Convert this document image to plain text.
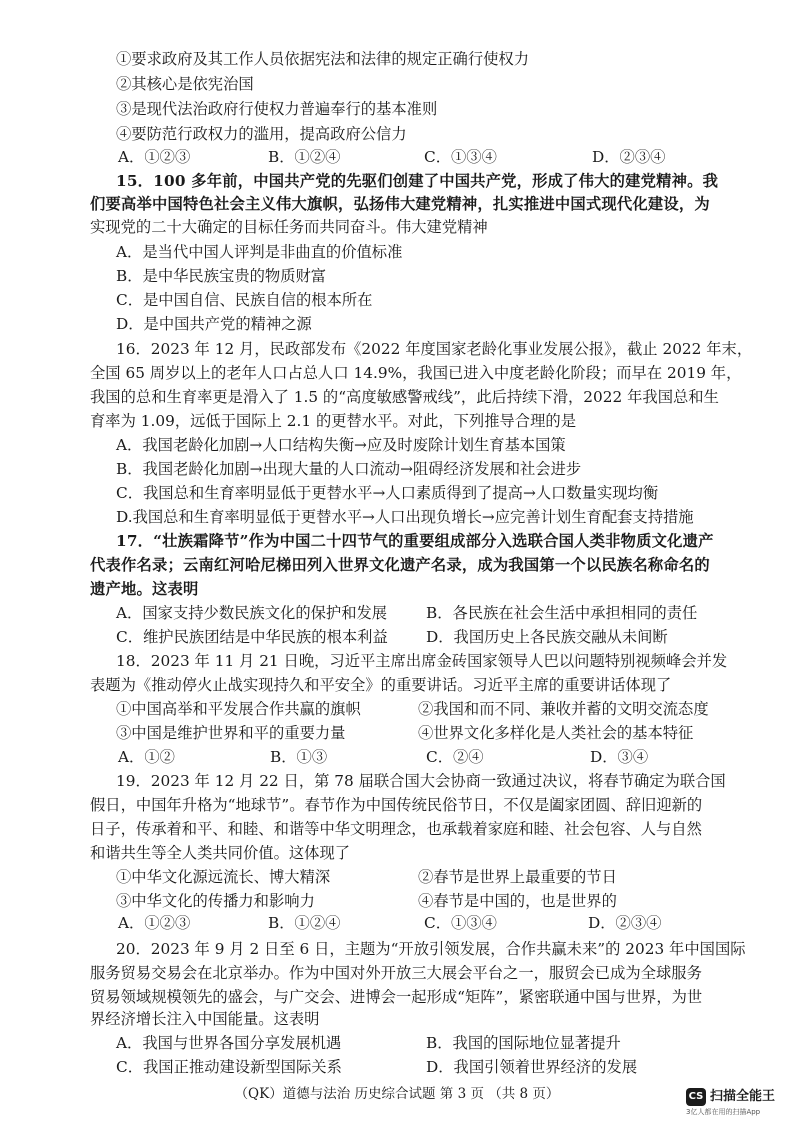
①要求政府及其工作人员依据宪法和法律的规定正确行使权力
②其核心是依宪治国
③是现代法治政府行使权力普遍奉行的基本准则
④要防范行政权力的滥用，提高政府公信力
A．①②③	B．①②④	C．①③④	D．②③④
15．100 多年前，中国共产党的先驱们创建了中国共产党，形成了伟大的建党精神。我
们要高举中国特色社会主义伟大旗帜，弘扬伟大建党精神，扎实推进中国式现代化建设，为
实现党的二十大确定的目标任务而共同奋斗。伟大建党精神
A．是当代中国人评判是非曲直的价值标准
B．是中华民族宝贵的物质财富
C．是中国自信、民族自信的根本所在
D．是中国共产党的精神之源
16．2023 年 12 月，民政部发布《2022 年度国家老龄化事业发展公报》，截止 2022 年末，
全国 65 周岁以上的老年人口占总人口 14.9%，我国已进入中度老龄化阶段；而早在 2019 年，
我国的总和生育率更是滑入了 1.5 的“高度敏感警戒线”，此后持续下滑，2022 年我国总和生
育率为 1.09，远低于国际上 2.1 的更替水平。对此，下列推导合理的是
A．我国老龄化加剧→人口结构失衡→应及时废除计划生育基本国策
B．我国老龄化加剧→出现大量的人口流动→阻碍经济发展和社会进步
C．我国总和生育率明显低于更替水平→人口素质得到了提高→人口数量实现均衡
D.我国总和生育率明显低于更替水平→人口出现负增长→应完善计划生育配套支持措施
17．“壮族霜降节”作为中国二十四节气的重要组成部分入选联合国人类非物质文化遗产
代表作名录；云南红河哈尼梯田列入世界文化遗产名录，成为我国第一个以民族名称命名的
遗产地。这表明
A．国家支持少数民族文化的保护和发展	B．各民族在社会生活中承担相同的责任
C．维护民族团结是中华民族的根本利益 D．我国历史上各民族交融从未间断
18．2023 年 11 月 21 日晚，习近平主席出席金砖国家领导人巴以问题特别视频峰会并发
表题为《推动停火止战实现持久和平安全》的重要讲话。习近平主席的重要讲话体现了
①中国高举和平发展合作共赢的旗帜	②我国和而不同、兼收并蓄的文明交流态度
③中国是维护世界和平的重要力量	④世界文化多样化是人类社会的基本特征
A．①②	B．①③	C．②④	D．③④
19．2023 年 12 月 22 日，第 78 届联合国大会协商一致通过决议，将春节确定为联合国
假日，中国年升格为“地球节”。春节作为中国传统民俗节日，不仅是阖家团圆、辞旧迎新的
日子，传承着和平、和睦、和谐等中华文明理念，也承载着家庭和睦、社会包容、人与自然
和谐共生等全人类共同价值。这体现了
①中华文化源远流长、博大精深	②春节是世界上最重要的节日
③中华文化的传播力和影响力	④春节是中国的，也是世界的
A．①②③	B．①②④	C．①③④	D．②③④
20．2023 年 9 月 2 日至 6 日，主题为“开放引领发展，合作共赢未来”的 2023 年中国国际
服务贸易交易会在北京举办。作为中国对外开放三大展会平台之一，服贸会已成为全球服务
贸易领域规模领先的盛会，与广交会、进博会一起形成“矩阵”，紧密联通中国与世界，为世
界经济增长注入中国能量。这表明
A．我国与世界各国分享发展机遇	B．我国的国际地位显著提升
C．我国正推动建设新型国际关系	D．我国引领着世界经济的发展
（QK）道德与法治 历史综合试题 第 3 页 （共 8 页）	CS 扫描全能王
3亿人都在用的扫描App
